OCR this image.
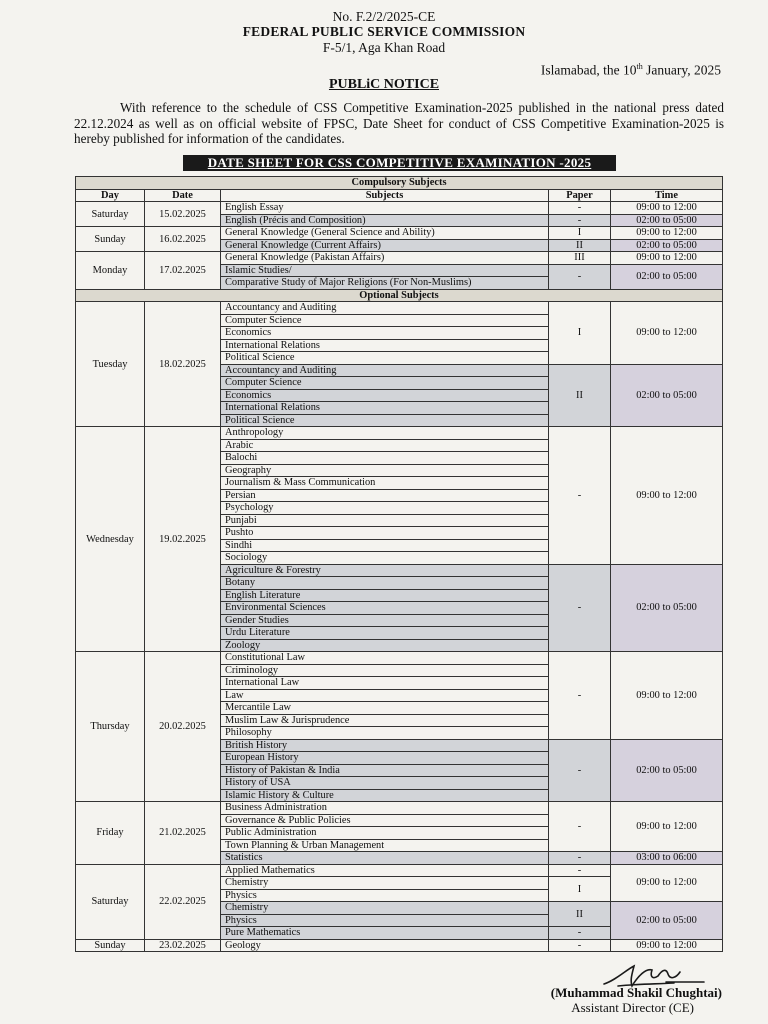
No. F.2/2/2025-CE
FEDERAL PUBLIC SERVICE COMMISSION
F-5/1, Aga Khan Road
Islamabad, the 10th January, 2025
PUBLiC NOTICE
With reference to the schedule of CSS Competitive Examination-2025 published in the national press dated 22.12.2024 as well as on official website of FPSC, Date Sheet for conduct of CSS Competitive Examination-2025 is hereby published for information of the candidates.
DATE SHEET FOR CSS COMPETITIVE EXAMINATION -2025
Compulsory Subjects				
Day	Date	Subjects	Paper	Time
Saturday	15.02.2025	English Essay	-	09:00 to 12:00
		English (Précis and Composition)	-	02:00 to 05:00
Sunday	16.02.2025	General Knowledge (General Science and Ability)	I	09:00 to 12:00
		General Knowledge (Current Affairs)	II	02:00 to 05:00
Monday	17.02.2025	General Knowledge (Pakistan Affairs)	III	09:00 to 12:00
		Islamic Studies/	-	02:00 to 05:00
		Comparative Study of Major Religions (For Non-Muslims)		
Optional Subjects				
Tuesday	18.02.2025	Accountancy and Auditing	I	09:00 to 12:00
		Computer Science		
		Economics		
		International Relations		
		Political Science		
		Accountancy and Auditing	II	02:00 to 05:00
		Computer Science		
		Economics		
		International Relations		
		Political Science		
Wednesday	19.02.2025	Anthropology	-	09:00 to 12:00
		Arabic		
		Balochi		
		Geography		
		Journalism & Mass Communication		
		Persian		
		Psychology		
		Punjabi		
		Pushto		
		Sindhi		
		Sociology		
		Agriculture & Forestry	-	02:00 to 05:00
		Botany		
		English Literature		
		Environmental Sciences		
		Gender Studies		
		Urdu Literature		
		Zoology		
Thursday	20.02.2025	Constitutional Law	-	09:00 to 12:00
		Criminology		
		International Law		
		Law		
		Mercantile Law		
		Muslim Law & Jurisprudence		
		Philosophy		
		British History	-	02:00 to 05:00
		European History		
		History of Pakistan & India		
		History of USA		
		Islamic History & Culture		
Friday	21.02.2025	Business Administration	-	09:00 to 12:00
		Governance & Public Policies		
		Public Administration		
		Town Planning & Urban Management		
		Statistics	-	03:00 to 06:00
Saturday	22.02.2025	Applied Mathematics	-	09:00 to 12:00
		Chemistry	I	
		Physics		
		Chemistry	II	02:00 to 05:00
		Physics		
		Pure Mathematics	-	
Sunday	23.02.2025	Geology	-	09:00 to 12:00
(Muhammad Shakil Chughtai)
Assistant Director (CE)
